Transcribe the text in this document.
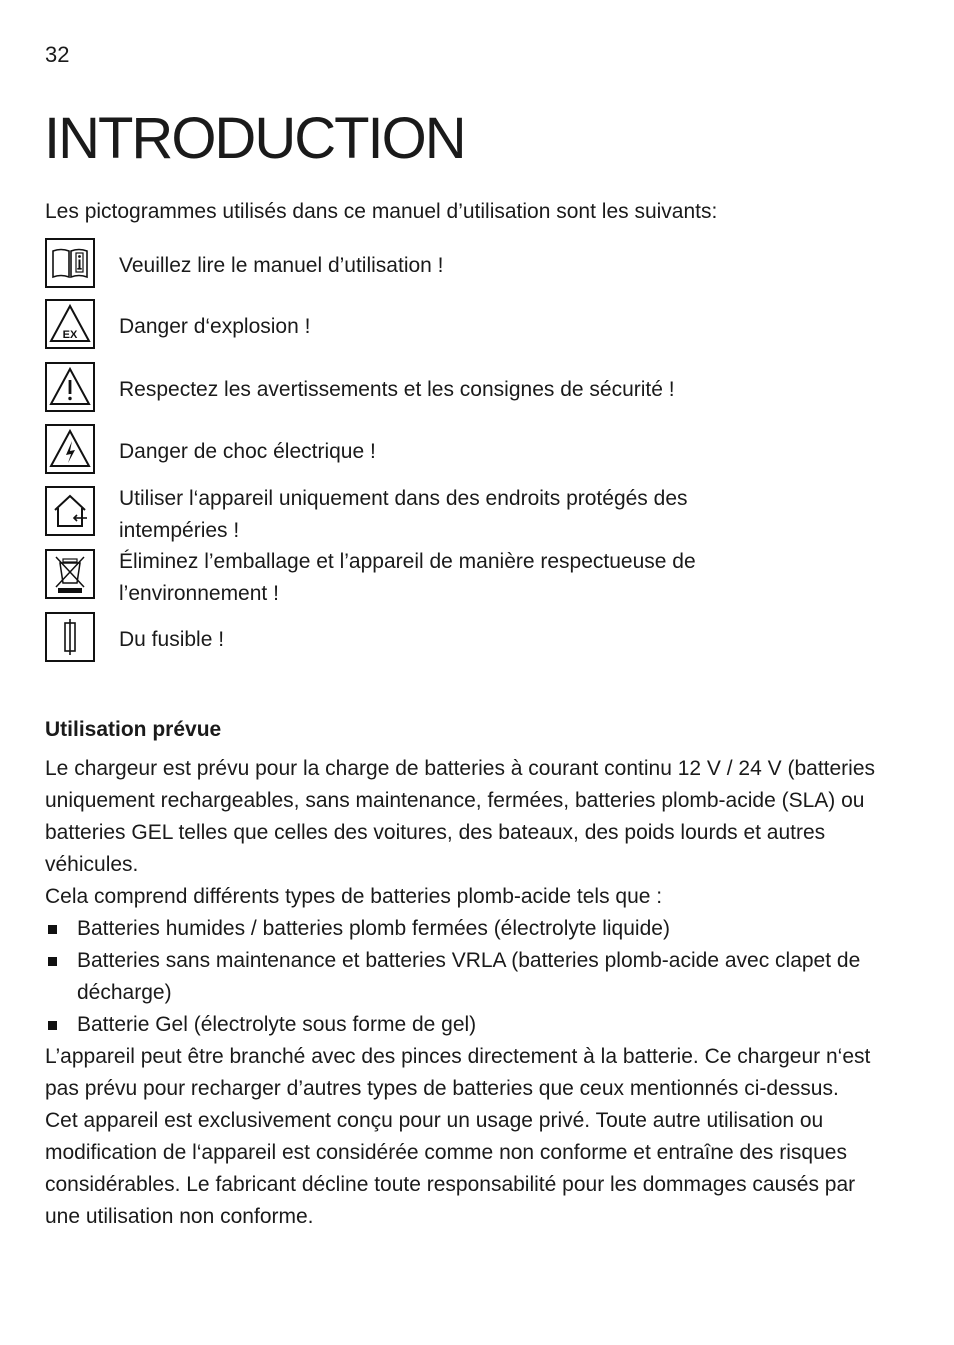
32
INTRODUCTION

Les pictogrammes utilisés dans ce manuel d’utilisation sont les suivants:

Veuillez lire le manuel d’utilisation !
EX Danger d‘explosion !
Respectez les avertissements et les consignes de sécurité !
Danger de choc électrique !
Utiliser l‘appareil uniquement dans des endroits protégés des intempéries !
Éliminez l’emballage et l’appareil de manière respectueuse de l’environnement !
Du fusible !
Utilisation prévue

Le chargeur est prévu pour la charge de batteries à courant continu 12 V / 24 V (batteries uniquement rechargeables, sans maintenance, fermées, batteries plomb-acide (SLA) ou batteries GEL telles que celles des voitures, des bateaux, des poids lourds et autres véhicules.

Cela comprend différents types de batteries plomb-acide tels que :

Batteries humides / batteries plomb fermées (électrolyte liquide)
Batteries sans maintenance et batteries VRLA (batteries plomb-acide avec clapet de décharge)
Batterie Gel (électrolyte sous forme de gel)

L’appareil peut être branché avec des pinces directement à la batterie. Ce chargeur n‘est pas prévu pour recharger d’autres types de batteries que ceux mentionnés ci-dessus. Cet appareil est exclusivement conçu pour un usage privé. Toute autre utilisation ou modification de l‘appareil est considérée comme non conforme et entraîne des risques considérables. Le fabricant décline toute responsabilité pour les dommages causés par une utilisation non conforme.
